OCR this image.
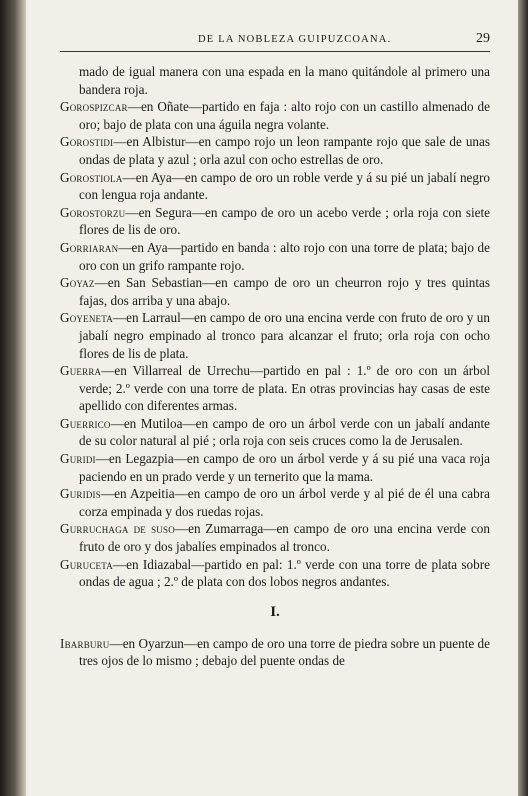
DE LA NOBLEZA GUIPUZCOANA.	29

mado de igual manera con una espada en la mano quitándole al primero una bandera roja.

Gorospizcar—en Oñate—partido en faja : alto rojo con un castillo almenado de oro; bajo de plata con una águila negra volante.

Gorostidi—en Albistur—en campo rojo un leon rampante rojo que sale de unas ondas de plata y azul ; orla azul con ocho estrellas de oro.

Gorostiola—en Aya—en campo de oro un roble verde y á su pié un jabalí negro con lengua roja andante.

Gorostorzu—en Segura—en campo de oro un acebo verde ; orla roja con siete flores de lis de oro.

Gorriaran—en Aya—partido en banda : alto rojo con una torre de plata; bajo de oro con un grifo rampante rojo.

Goyaz—en San Sebastian—en campo de oro un cheurron rojo y tres quintas fajas, dos arriba y una abajo.

Goyeneta—en Larraul—en campo de oro una encina verde con fruto de oro y un jabalí negro empinado al tronco para alcanzar el fruto; orla roja con ocho flores de lis de plata.

Guerra—en Villarreal de Urrechu—partido en pal : 1.º de oro con un árbol verde; 2.º verde con una torre de plata. En otras provincias hay casas de este apellido con diferentes armas.

Guerrico—en Mutiloa—en campo de oro un árbol verde con un jabalí andante de su color natural al pié ; orla roja con seis cruces como la de Jerusalen.

Guridi—en Legazpia—en campo de oro un árbol verde y á su pié una vaca roja paciendo en un prado verde y un ternerito que la mama.

Guridis—en Azpeitia—en campo de oro un árbol verde y al pié de él una cabra corza empinada y dos ruedas rojas.

Gurruchaga de suso—en Zumarraga—en campo de oro una encina verde con fruto de oro y dos jabalíes empinados al tronco.

Guruceta—en Idiazabal—partido en pal: 1.º verde con una torre de plata sobre ondas de agua ; 2.º de plata con dos lobos negros andantes.

I.

Ibarburu—en Oyarzun—en campo de oro una torre de piedra sobre un puente de tres ojos de lo mismo ; debajo del puente ondas de
